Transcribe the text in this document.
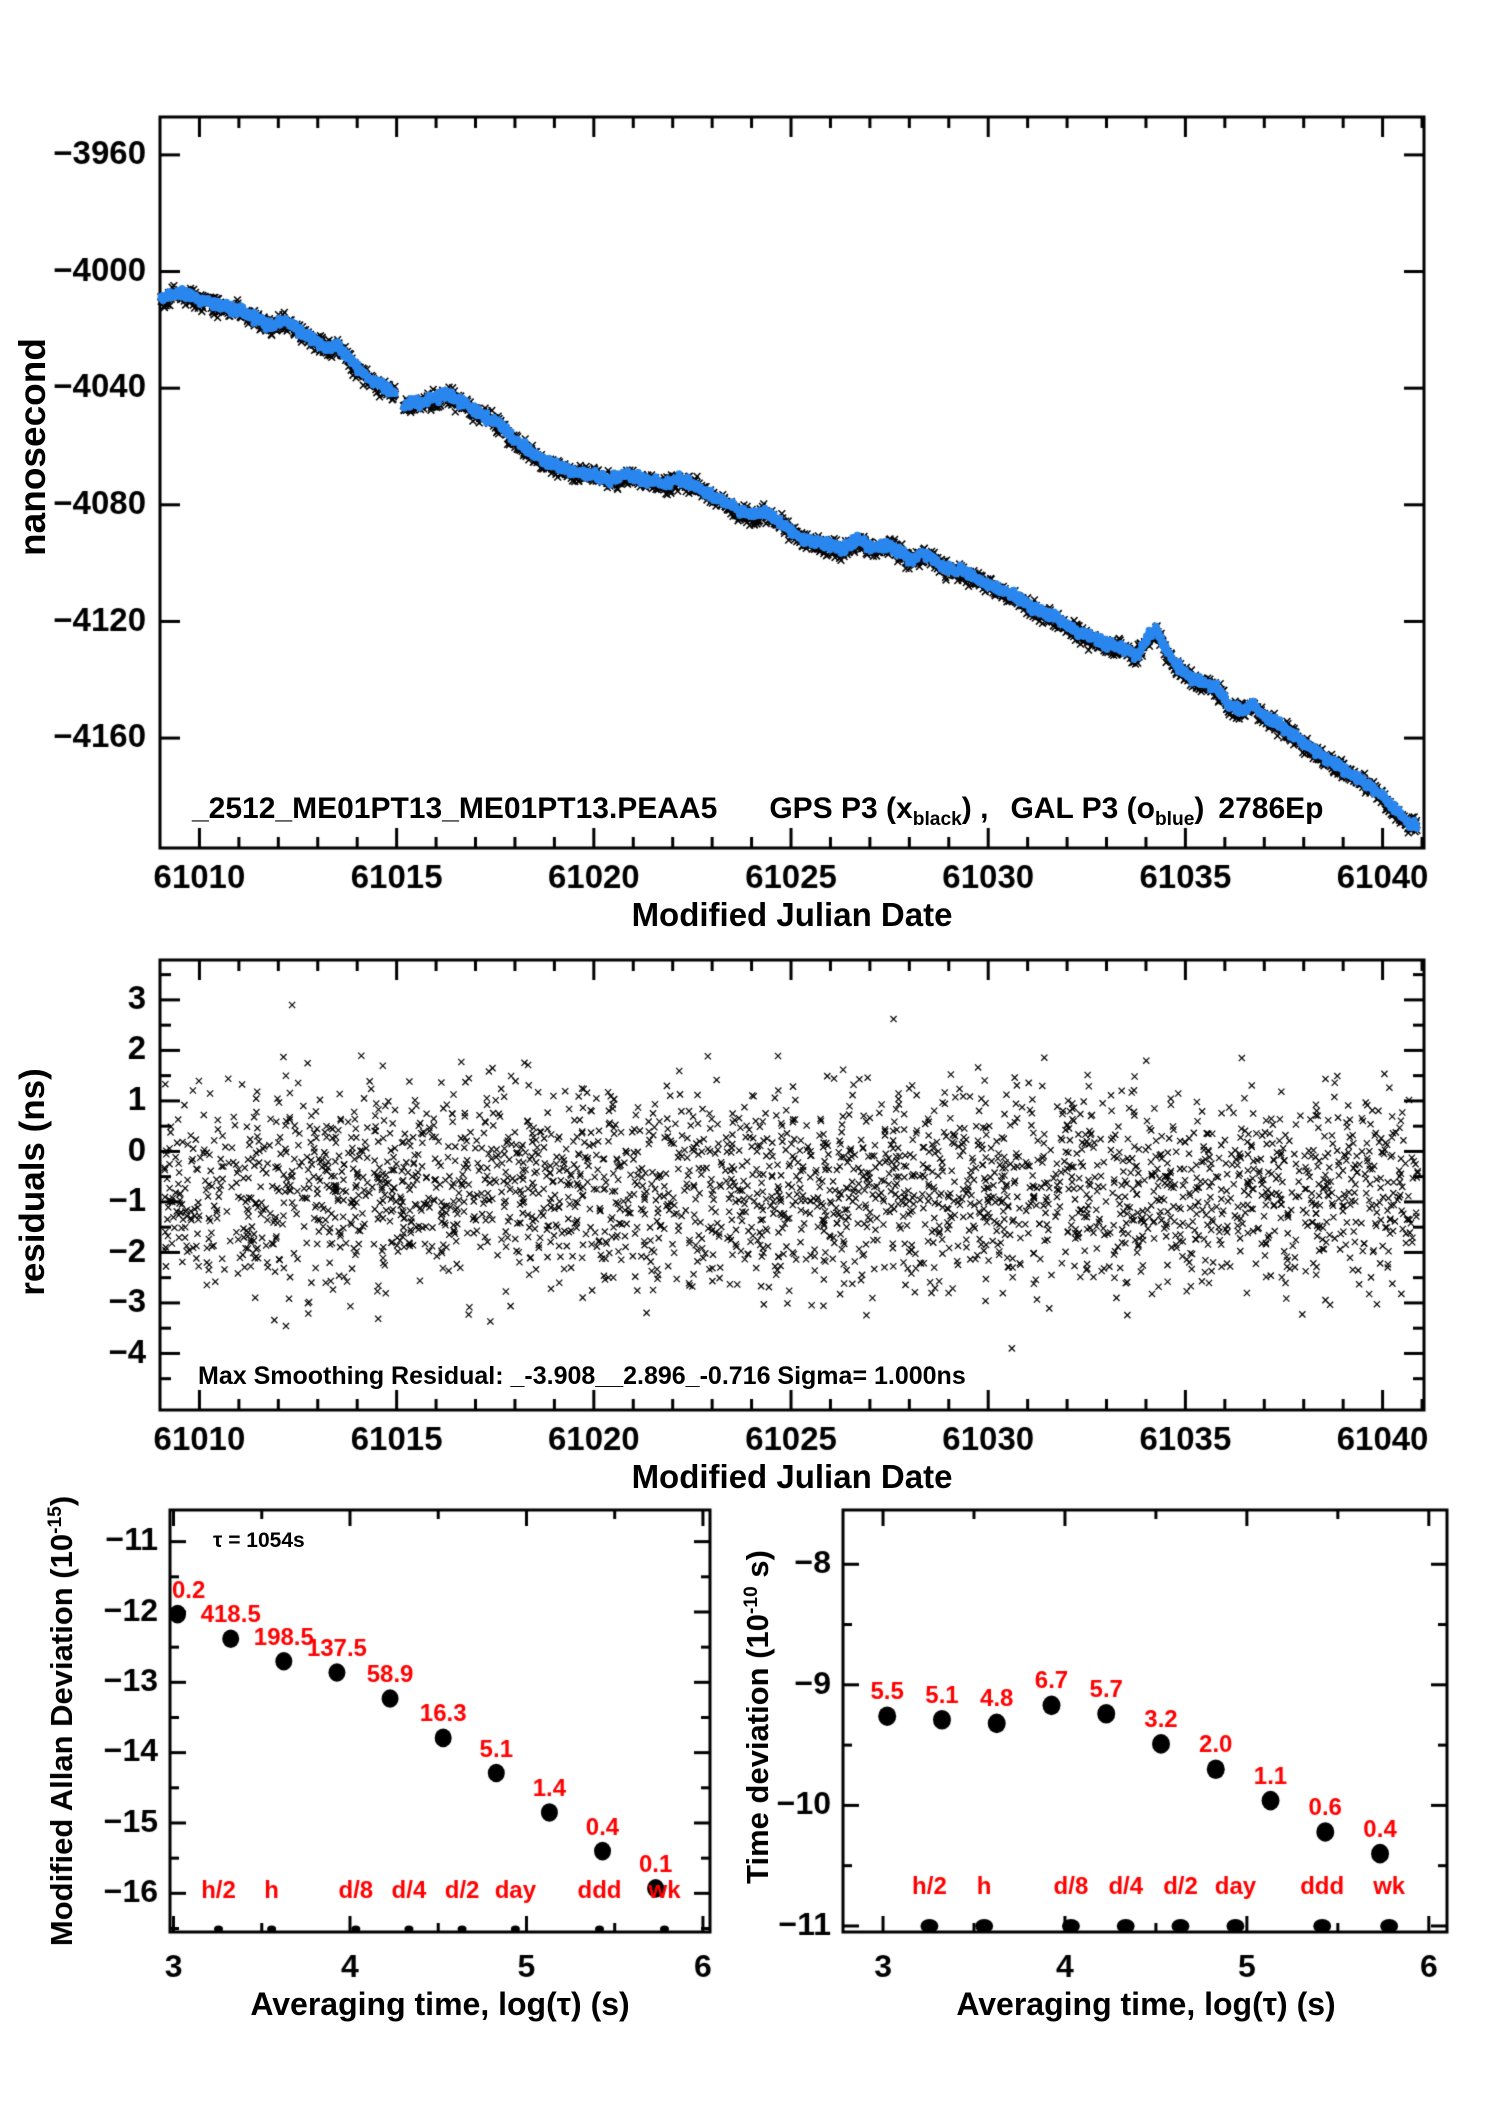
nanosecond
Modified Julian Date
_2512_ME01PT13_ME01PT13.PEAA5 GPS P3 $(x_{black})$ , GAL P3 $(o_{blue})$ 2786Ep
residuals (ns)
Modified Julian Date
Max Smoothing Residual: _-3.908__2.896_-0.716 Sigma= 1.000ns
Modified Allan Deviation $(10^{-15})$
Averaging time, log(τ) (s)
τ = 1054s
Time deviation ($10^{-10}$ s)
Averaging time, log(τ) (s)
